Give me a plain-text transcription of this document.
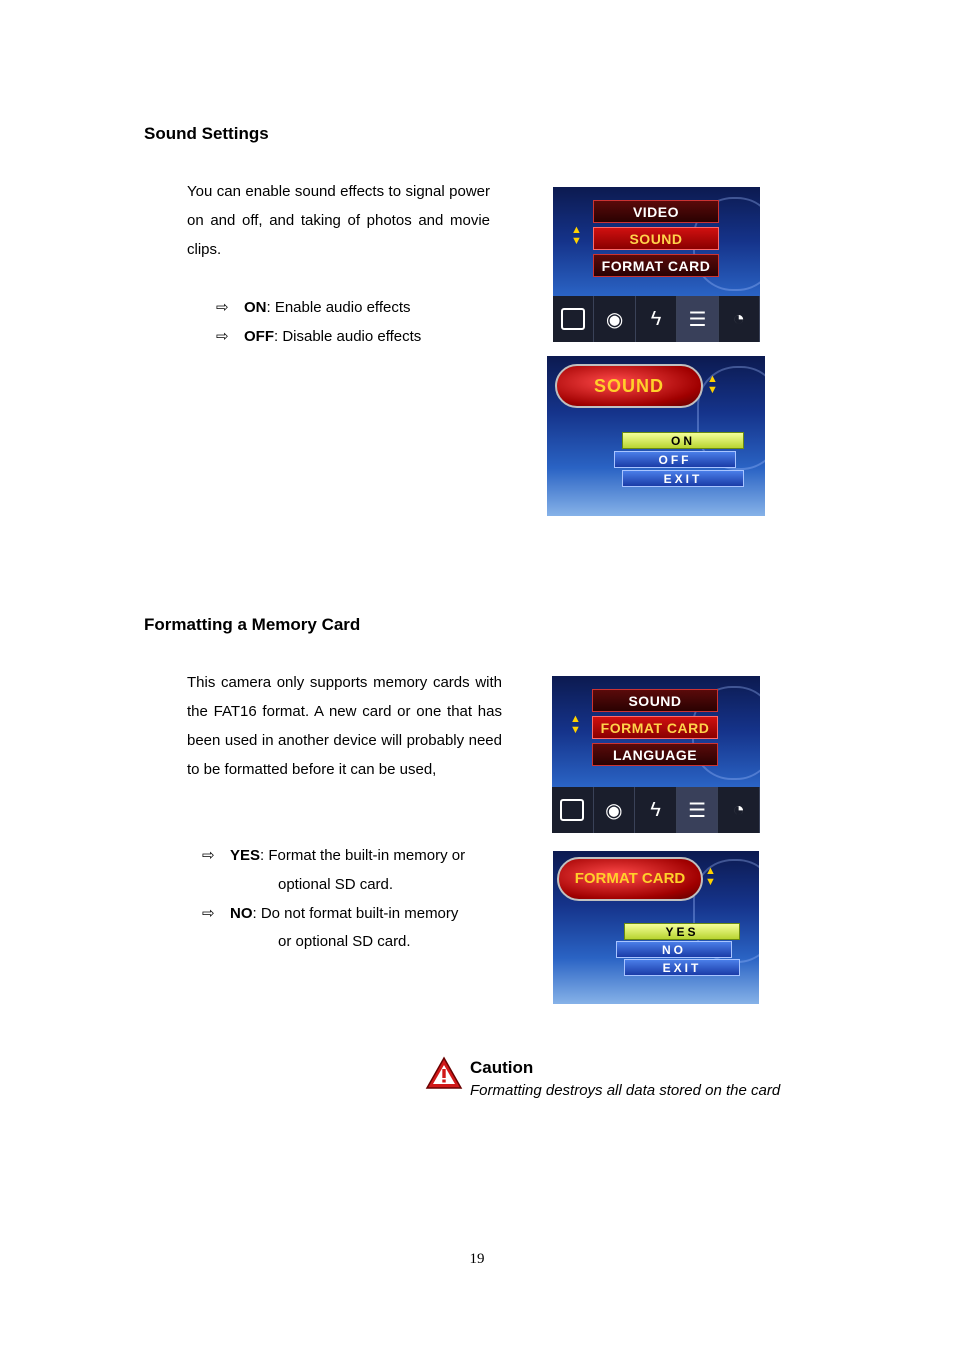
Sound Settings

You can enable sound effects to signal power on and off, and taking of photos and movie clips.

⇨	ON: Enable audio effects
⇨	OFF: Disable audio effects
▲
▼
VIDEO
SOUND
FORMAT CARD
◉	ϟ	☰	◔
SOUND	▲
▼
ON
OFF
EXIT
Formatting a Memory Card

This camera only supports memory cards with the FAT16 format. A new card or one that has been used in another device will probably need to be formatted before it can be used,

⇨	YES: Format the built-in memory or
optional SD card.
⇨	NO: Do not format built-in memory
or optional SD card.
▲
▼
SOUND
FORMAT CARD
LANGUAGE
◉	ϟ	☰	◔
FORMAT CARD	▲
▼
YES
NO
EXIT
Caution
Formatting destroys all data stored on the card
19
